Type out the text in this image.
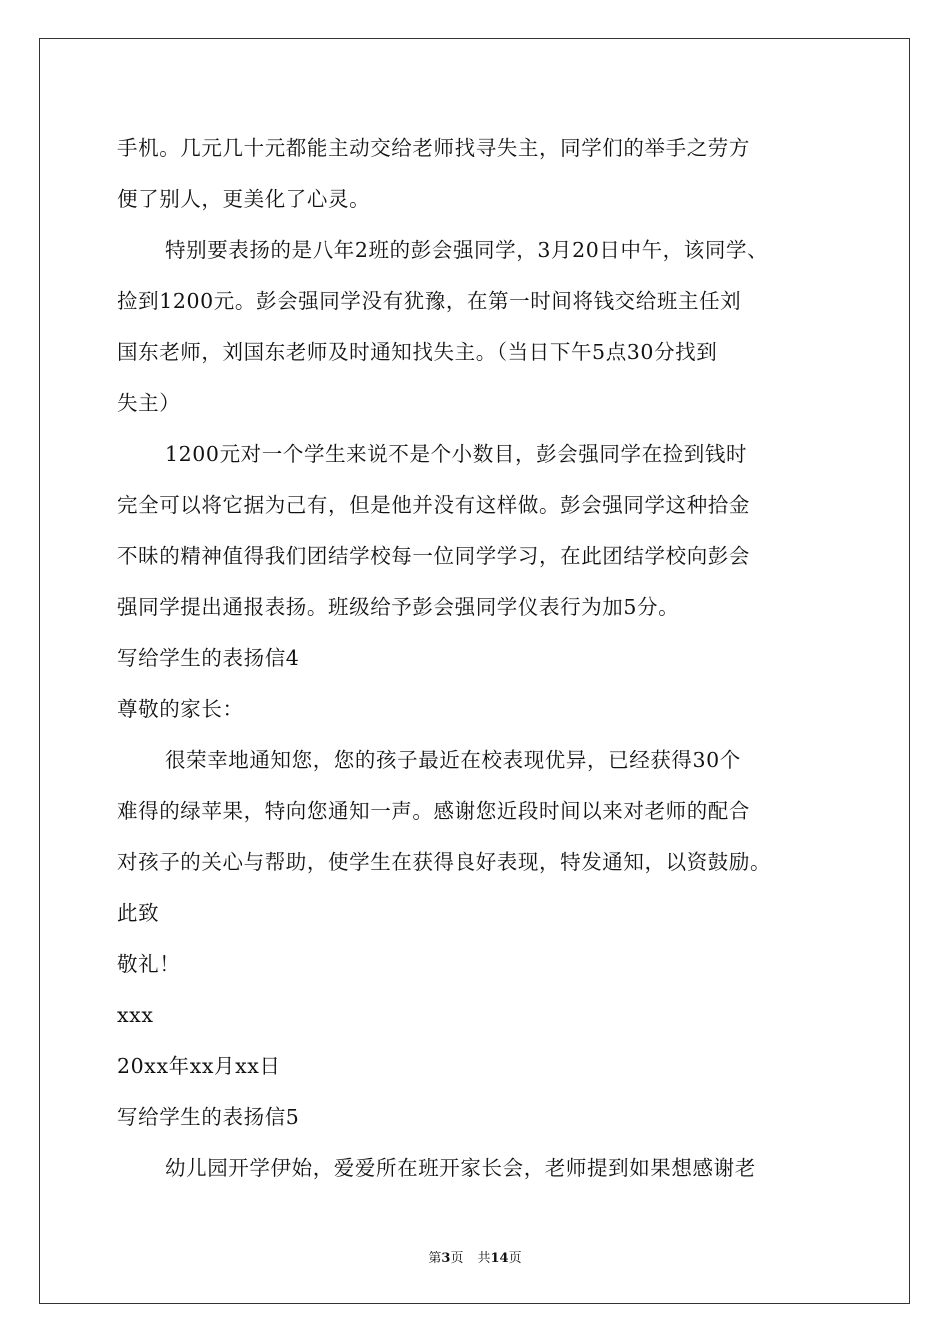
手机。几元几十元都能主动交给老师找寻失主，同学们的举手之劳方
便了别人，更美化了心灵。
特别要表扬的是八年2班的彭会强同学，3月20日中午，该同学、
捡到1200元。彭会强同学没有犹豫，在第一时间将钱交给班主任刘
国东老师，刘国东老师及时通知找失主。（当日下午5点30分找到
失主）
1200元对一个学生来说不是个小数目，彭会强同学在捡到钱时
完全可以将它据为己有，但是他并没有这样做。彭会强同学这种拾金
不昧的精神值得我们团结学校每一位同学学习，在此团结学校向彭会
强同学提出通报表扬。班级给予彭会强同学仪表行为加5分。
写给学生的表扬信4
尊敬的家长：
很荣幸地通知您，您的孩子最近在校表现优异，已经获得30个
难得的绿苹果，特向您通知一声。感谢您近段时间以来对老师的配合
对孩子的关心与帮助，使学生在获得良好表现，特发通知，以资鼓励。
此致
敬礼！
xxx
20xx年xx月xx日
写给学生的表扬信5
幼儿园开学伊始，爱爱所在班开家长会，老师提到如果想感谢老
第3页 共14页
